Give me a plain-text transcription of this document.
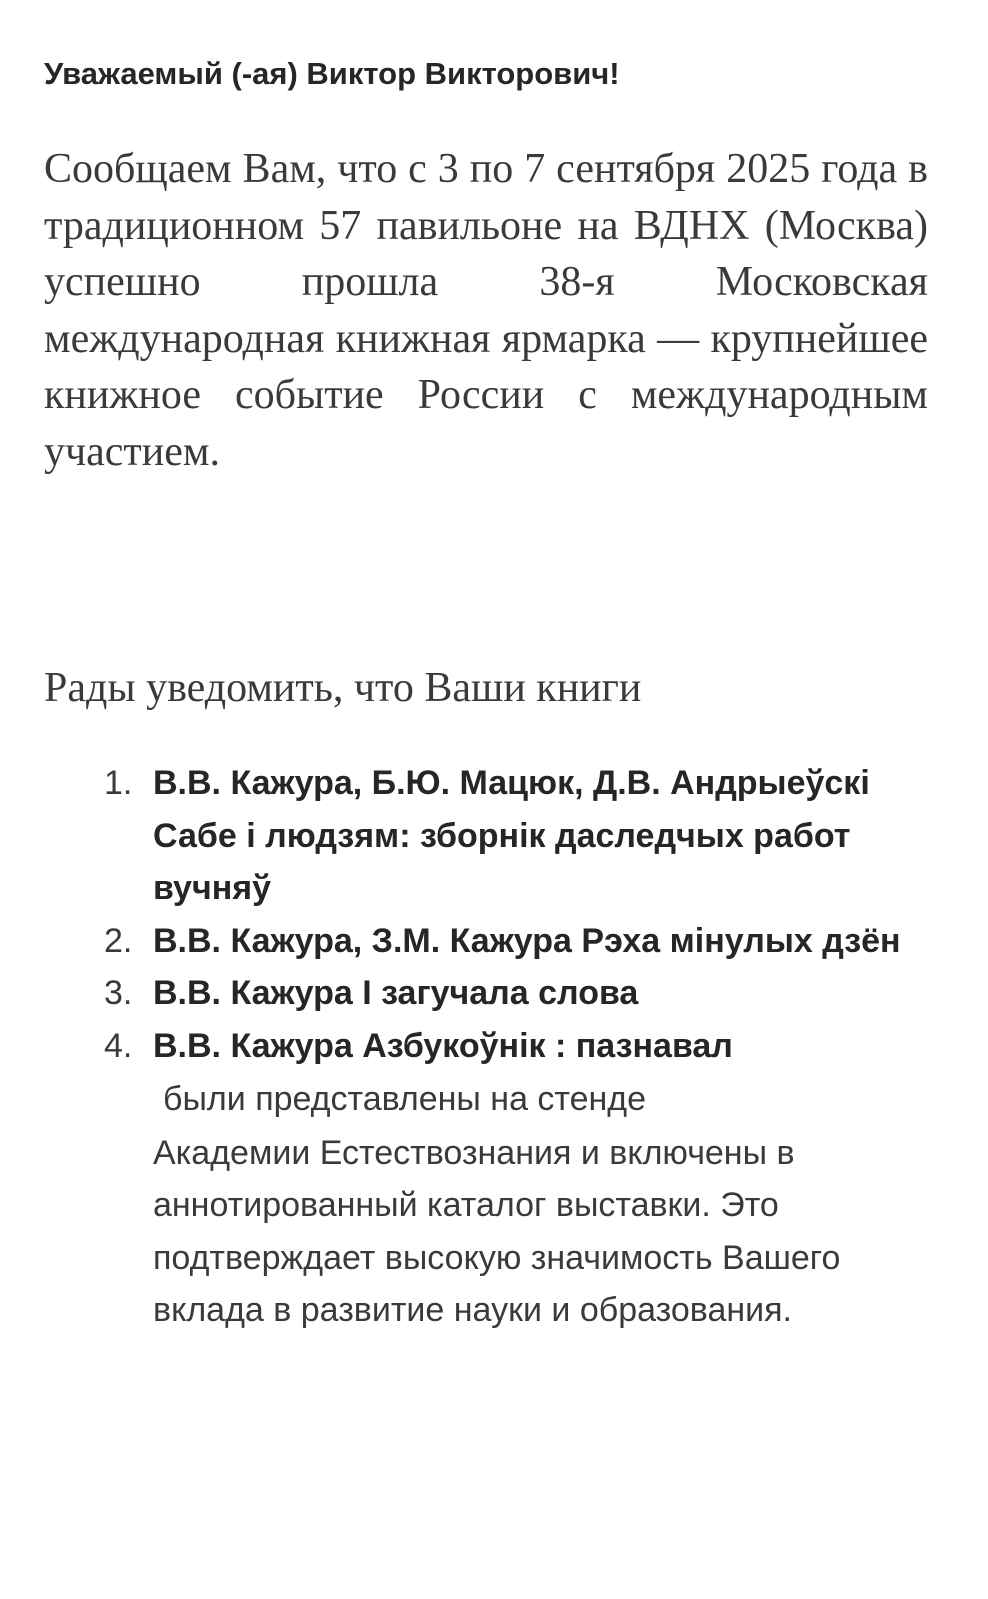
Уважаемый (-ая) Виктор Викторович!
Сообщаем Вам, что с 3 по 7 сентября 2025 года в традиционном 57 павильоне на ВДНХ (Москва) успешно прошла 38-я Московская международная книжная ярмарка — крупнейшее книжное событие России с международным участием.
Рады уведомить, что Ваши книги
1. В.В. Кажура, Б.Ю. Мацюк, Д.В. Андрыеўскі Сабе і людзям: зборнік даследчых работ вучняў
2. В.В. Кажура, З.М. Кажура Рэха мінулых дзён
3. В.В. Кажура І загучала слова
4. В.В. Кажура Азбукоўнік : пазнавал
были представлены на стенде
Академии Естествознания и включены в аннотированный каталог выставки. Это подтверждает высокую значимость Вашего вклада в развитие науки и образования.
